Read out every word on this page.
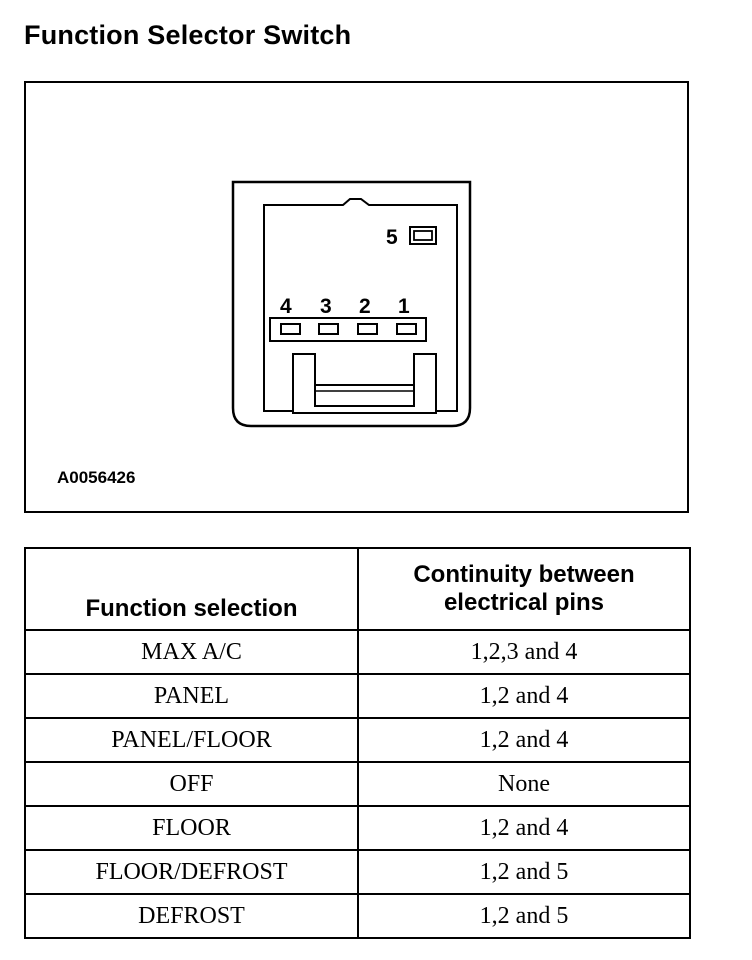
Function Selector Switch
5
4 3 2 1
A0056426
Function selection	Continuity between electrical pins
MAX A/C	1,2,3 and 4
PANEL	1,2 and 4
PANEL/FLOOR	1,2 and 4
OFF	None
FLOOR	1,2 and 4
FLOOR/DEFROST	1,2 and 5
DEFROST	1,2 and 5
